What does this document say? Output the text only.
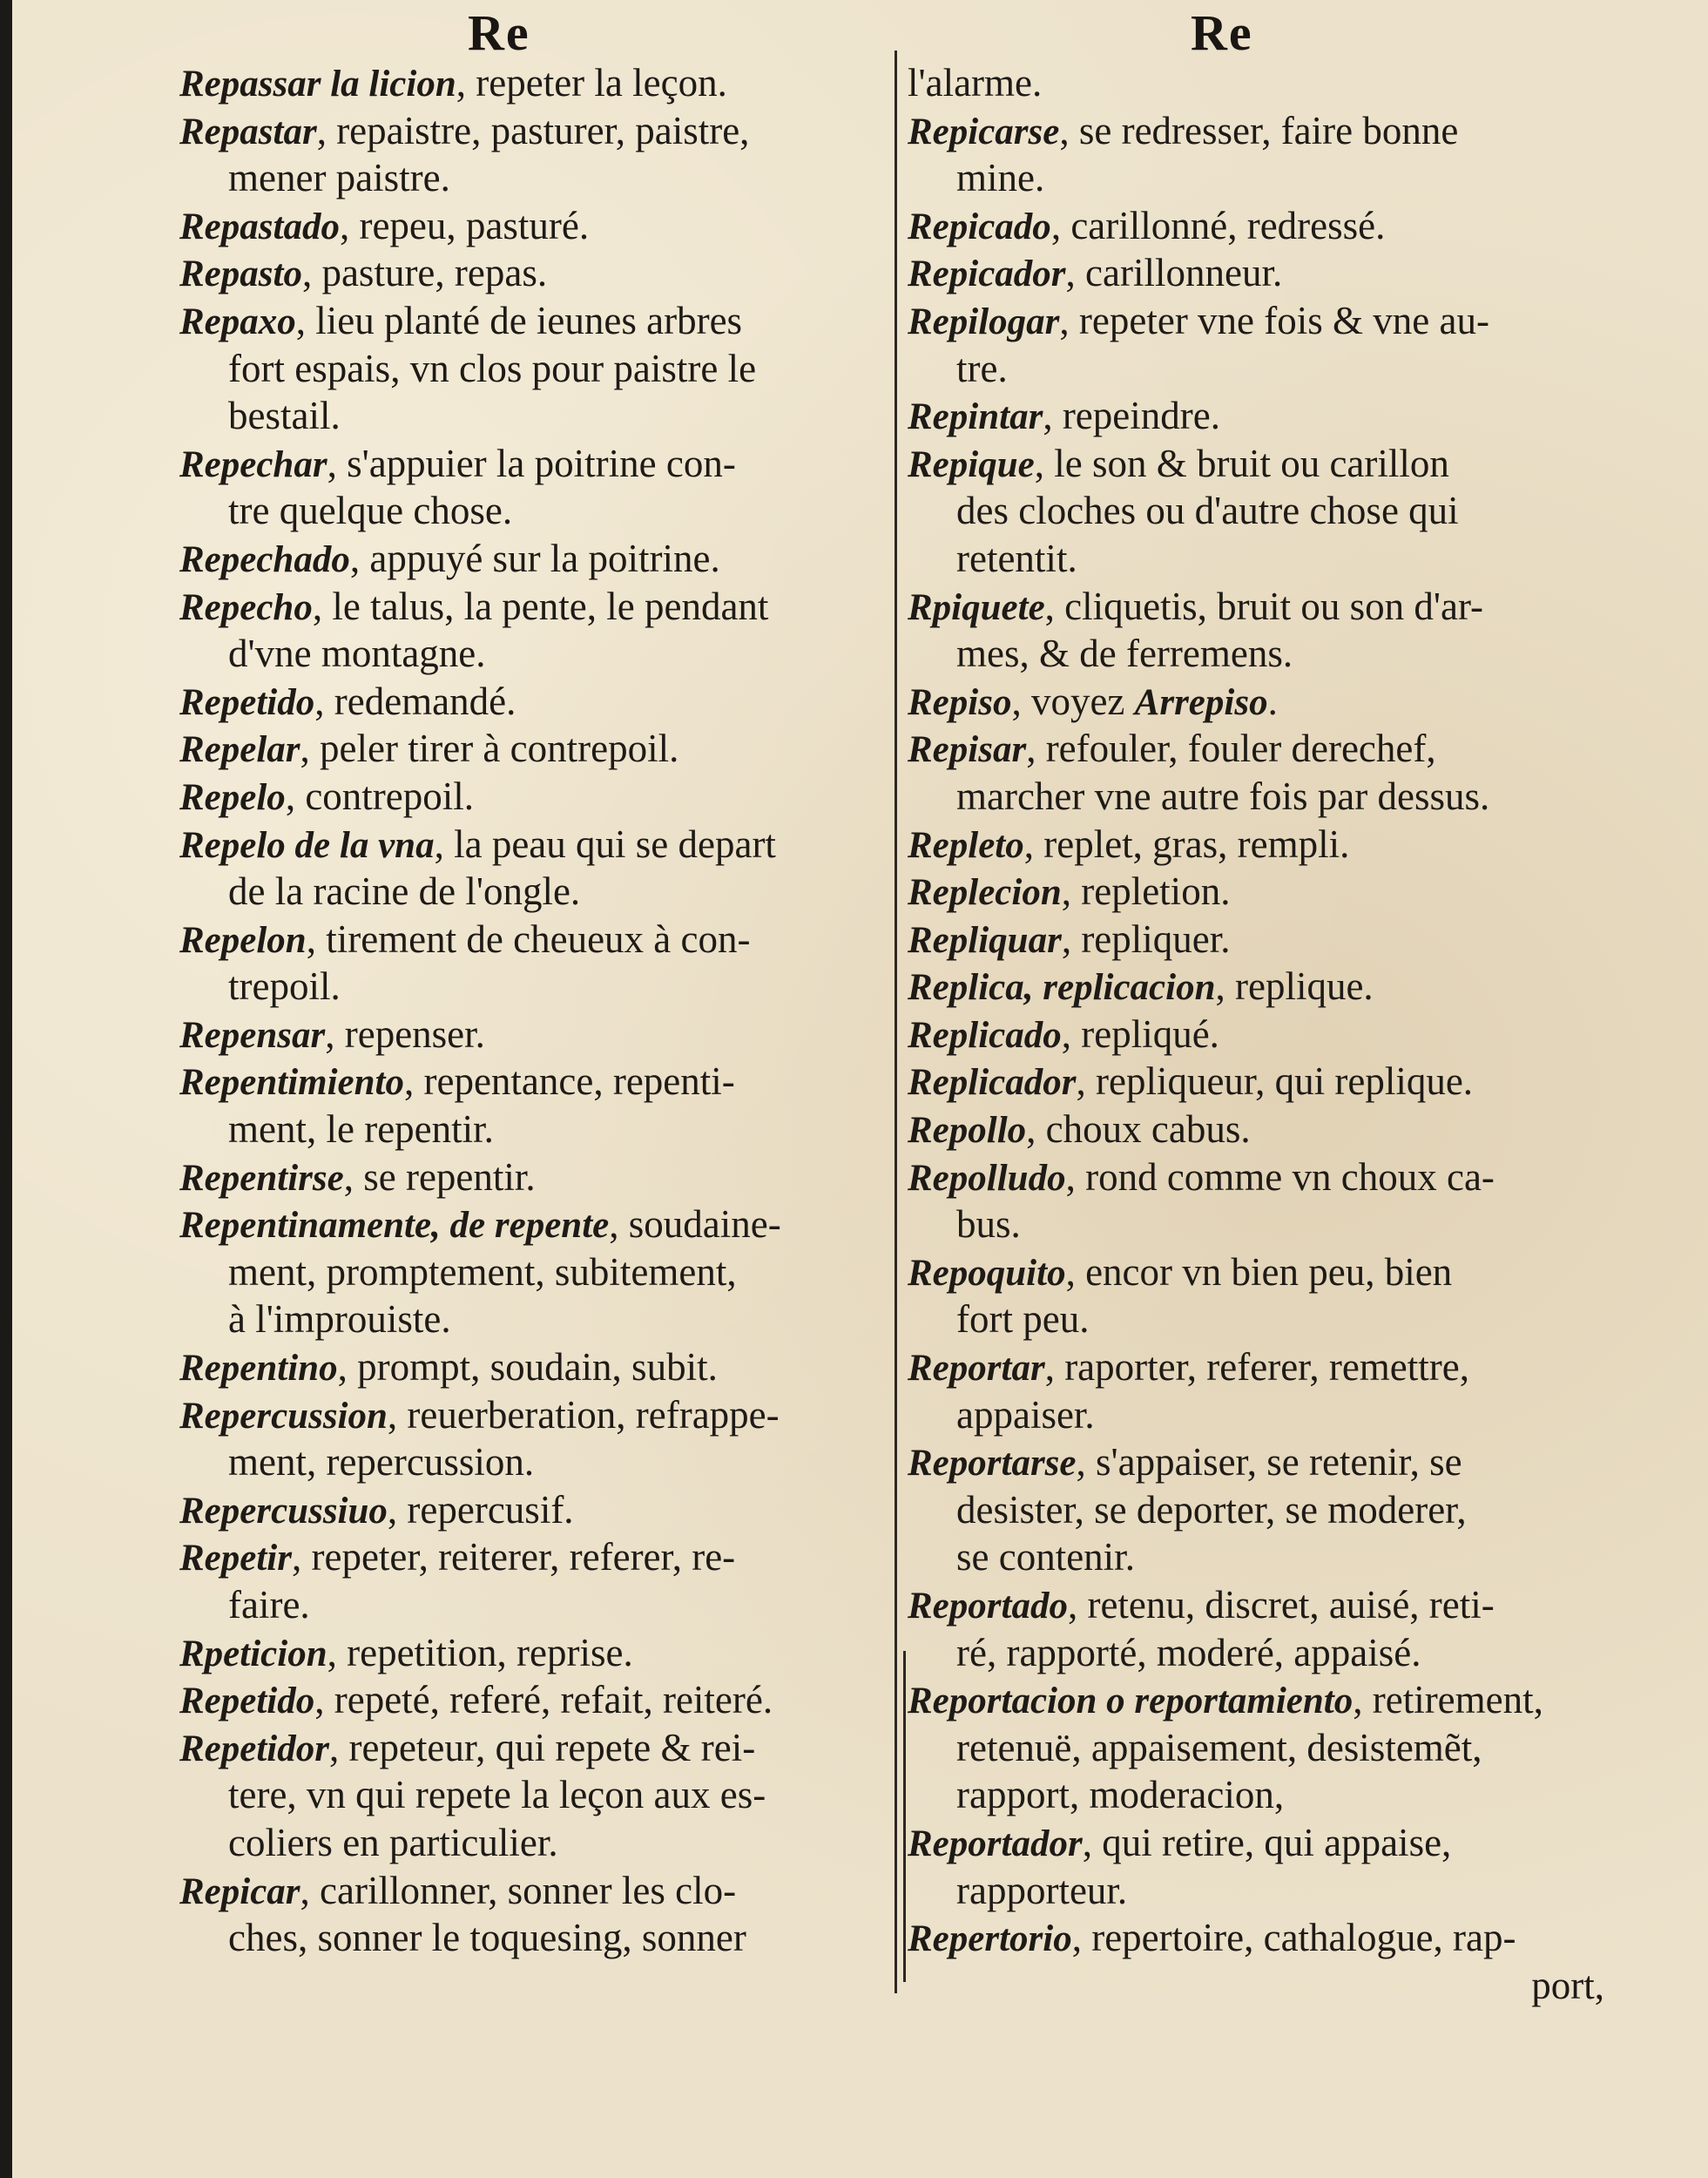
Re	Re
Repassar la licion, repeter la leçon.
Repastar, repaistre, pasturer, paistre,
mener paistre.
Repastado, repeu, pasturé.
Repasto, pasture, repas.
Repaxo, lieu planté de ieunes arbres
fort espais, vn clos pour paistre le
bestail.
Repechar, s'appuier la poitrine con-
tre quelque chose.
Repechado, appuyé sur la poitrine.
Repecho, le talus, la pente, le pendant
d'vne montagne.
Repetido, redemandé.
Repelar, peler tirer à contrepoil.
Repelo, contrepoil.
Repelo de la vna, la peau qui se depart
de la racine de l'ongle.
Repelon, tirement de cheueux à con-
trepoil.
Repensar, repenser.
Repentimiento, repentance, repenti-
ment, le repentir.
Repentirse, se repentir.
Repentinamente, de repente, soudaine-
ment, promptement, subitement,
à l'improuiste.
Repentino, prompt, soudain, subit.
Repercussion, reuerberation, refrappe-
ment, repercussion.
Repercussiuo, repercusif.
Repetir, repeter, reiterer, referer, re-
faire.
Rpeticion, repetition, reprise.
Repetido, repeté, referé, refait, reiteré.
Repetidor, repeteur, qui repete & rei-
tere, vn qui repete la leçon aux es-
coliers en particulier.
Repicar, carillonner, sonner les clo-
ches, sonner le toquesing, sonner
l'alarme.
Repicarse, se redresser, faire bonne
mine.
Repicado, carillonné, redressé.
Repicador, carillonneur.
Repilogar, repeter vne fois & vne au-
tre.
Repintar, repeindre.
Repique, le son & bruit ou carillon
des cloches ou d'autre chose qui
retentit.
Rpiquete, cliquetis, bruit ou son d'ar-
mes, & de ferremens.
Repiso, voyez Arrepiso.
Repisar, refouler, fouler derechef,
marcher vne autre fois par dessus.
Repleto, replet, gras, rempli.
Replecion, repletion.
Repliquar, repliquer.
Replica, replicacion, replique.
Replicado, repliqué.
Replicador, repliqueur, qui replique.
Repollo, choux cabus.
Repolludo, rond comme vn choux ca-
bus.
Repoquito, encor vn bien peu, bien
fort peu.
Reportar, raporter, referer, remettre,
appaiser.
Reportarse, s'appaiser, se retenir, se
desister, se deporter, se moderer,
se contenir.
Reportado, retenu, discret, auisé, reti-
ré, rapporté, moderé, appaisé.
Reportacion o reportamiento, retirement,
retenuë, appaisement, desistemẽt,
rapport, moderacion,
Reportador, qui retire, qui appaise,
rapporteur.
Repertorio, repertoire, cathalogue, rap-
port,
